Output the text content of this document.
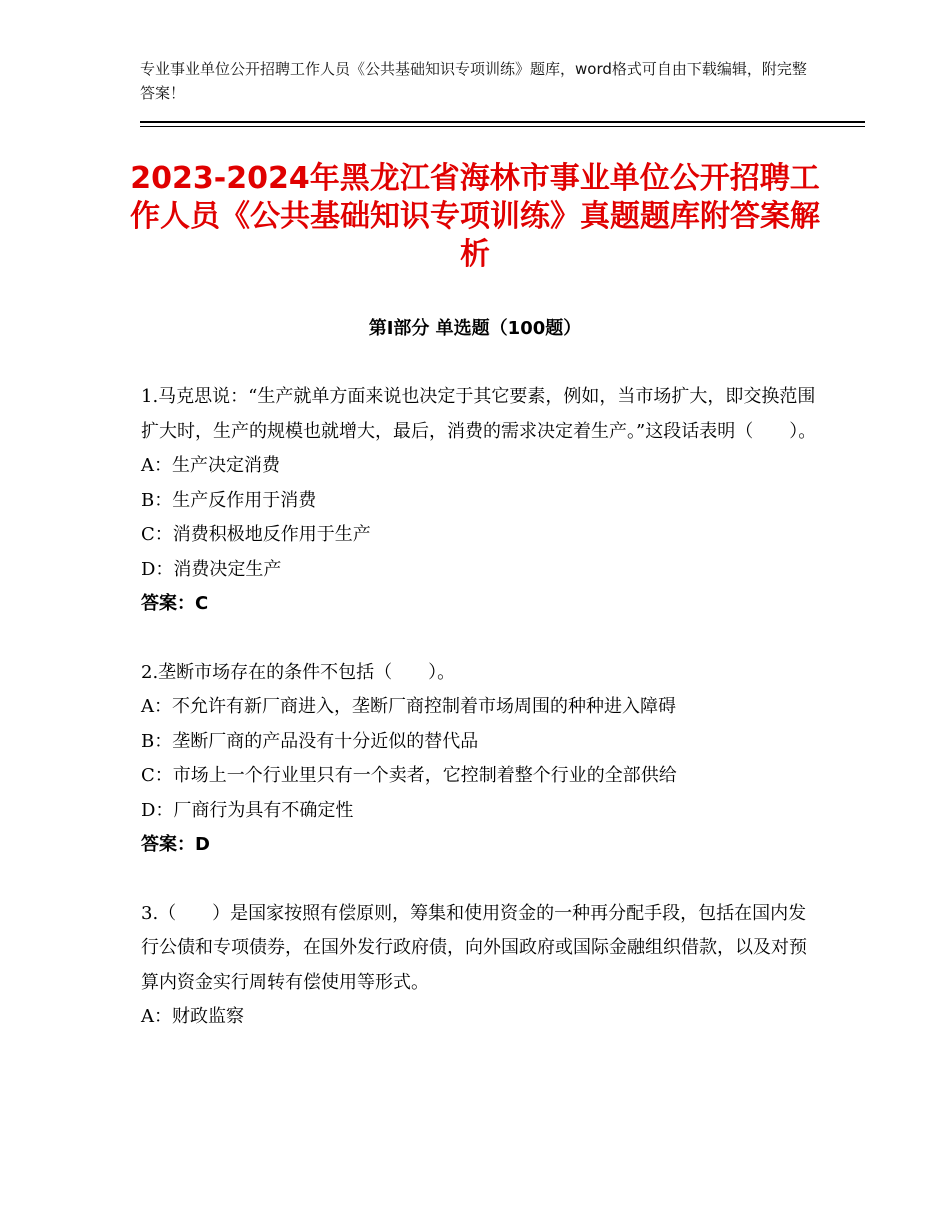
专业事业单位公开招聘工作人员《公共基础知识专项训练》题库，word格式可自由下载编辑，附完整答案！
2023-2024年黑龙江省海林市事业单位公开招聘工作人员《公共基础知识专项训练》真题题库附答案解析
第Ⅰ部分 单选题（100题）

1.马克思说：“生产就单方面来说也决定于其它要素，例如，当市场扩大，即交换范围扩大时，生产的规模也就增大，最后，消费的需求决定着生产。”这段话表明（　　）。

A：生产决定消费

B：生产反作用于消费

C：消费积极地反作用于生产

D：消费决定生产

答案：C

2.垄断市场存在的条件不包括（　　）。

A：不允许有新厂商进入，垄断厂商控制着市场周围的种种进入障碍

B：垄断厂商的产品没有十分近似的替代品

C：市场上一个行业里只有一个卖者，它控制着整个行业的全部供给

D：厂商行为具有不确定性

答案：D

3.（　　）是国家按照有偿原则，筹集和使用资金的一种再分配手段，包括在国内发行公债和专项债券，在国外发行政府债，向外国政府或国际金融组织借款，以及对预算内资金实行周转有偿使用等形式。

A：财政监察
